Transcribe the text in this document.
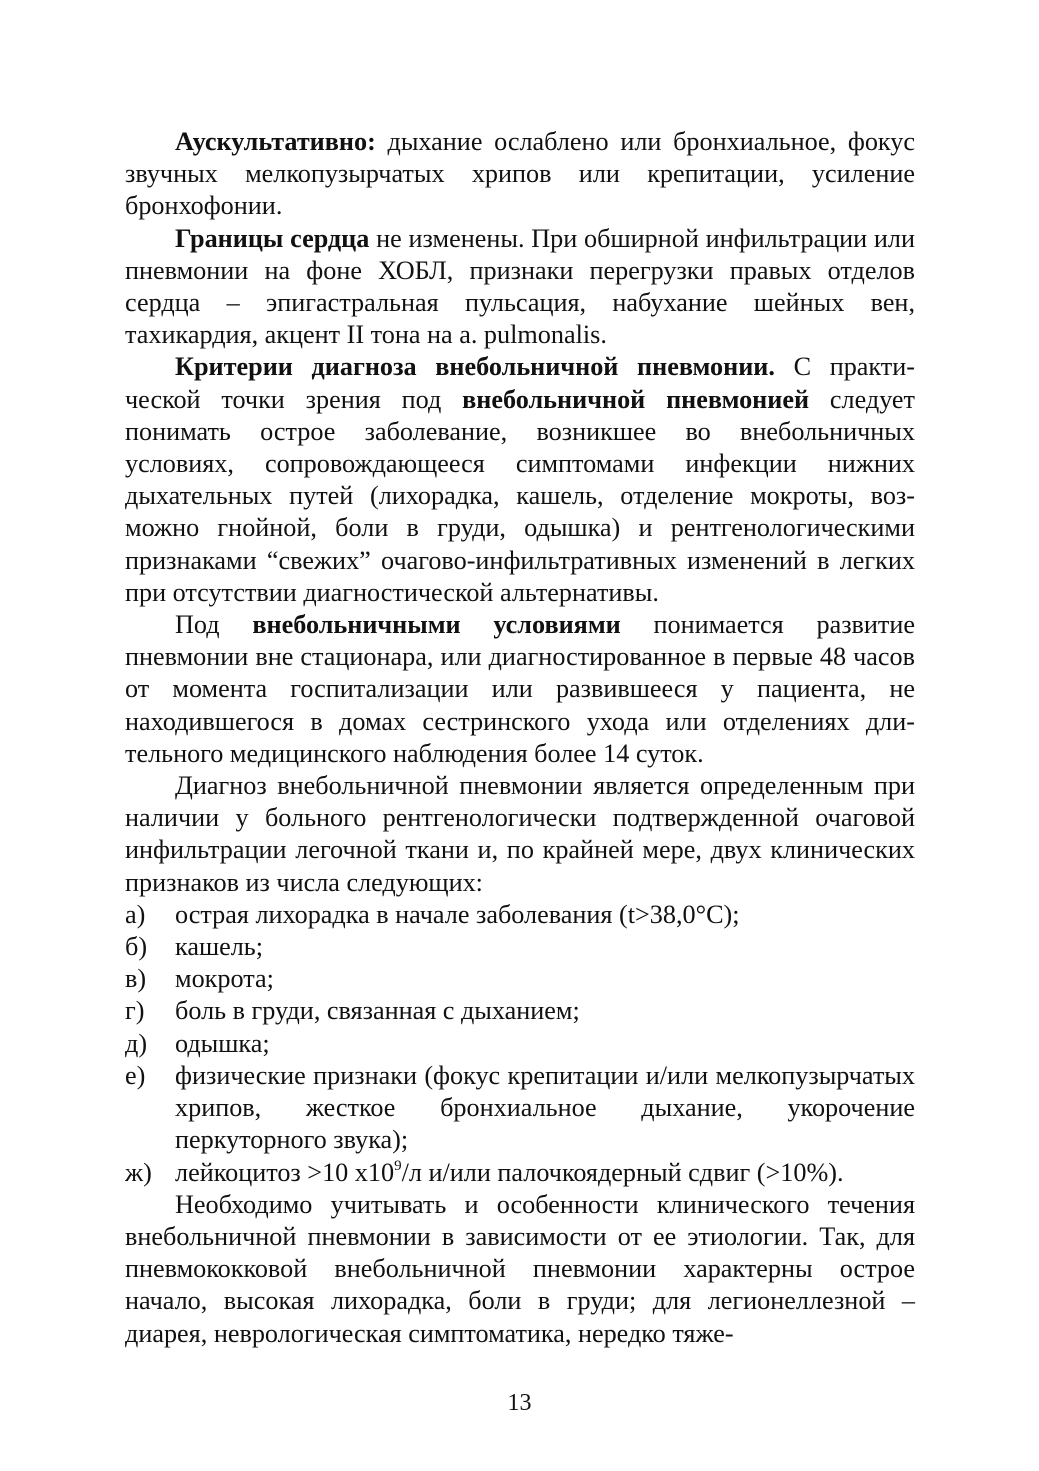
Аускультативно: дыхание ослаблено или бронхиальное, фокус звучных мелкопузырчатых хрипов или крепитации, усиление бронхофонии.

Границы сердца не изменены. При обширной инфильтрации или пневмонии на фоне ХОБЛ, признаки перегрузки правых отделов сердца – эпигастральная пульсация, набухание шейных вен, тахикардия, акцент II тона на а. pulmonalis.

Критерии диагноза внебольничной пневмонии. С практической точки зрения под внебольничной пневмонией следует понимать острое заболевание, возникшее во внебольничных условиях, сопровождающееся симптомами инфекции нижних дыхательных путей (лихорадка, кашель, отделение мокроты, возможно гнойной, боли в груди, одышка) и рентгенологическими признаками “свежих” очагово-инфильтративных изменений в легких при отсутствии диагностической альтернативы.

Под внебольничными условиями понимается развитие пневмонии вне стационара, или диагностированное в первые 48 часов от момента госпитализации или развившееся у пациента, не находившегося в домах сестринского ухода или отделениях длительного медицинского наблюдения более 14 суток.

Диагноз внебольничной пневмонии является определенным при наличии у больного рентгенологически подтвержденной очаговой инфильтрации легочной ткани и, по крайней мере, двух клинических признаков из числа следующих:

а) острая лихорадка в начале заболевания (t>38,0°С);
б) кашель;
в) мокрота;
г) боль в груди, связанная с дыханием;
д) одышка;
е) физические признаки (фокус крепитации и/или мелкопузырчатых хрипов, жесткое бронхиальное дыхание, укорочение перкуторного звука);
ж) лейкоцитоз >10 $х10^9/л$ и/или палочкоядерный сдвиг (>10%).

Необходимо учитывать и особенности клинического течения внебольничной пневмонии в зависимости от ее этиологии. Так, для пневмококковой внебольничной пневмонии характерны острое начало, высокая лихорадка, боли в груди; для легионеллезной – диарея, неврологическая симптоматика, нередко тяже-

13
